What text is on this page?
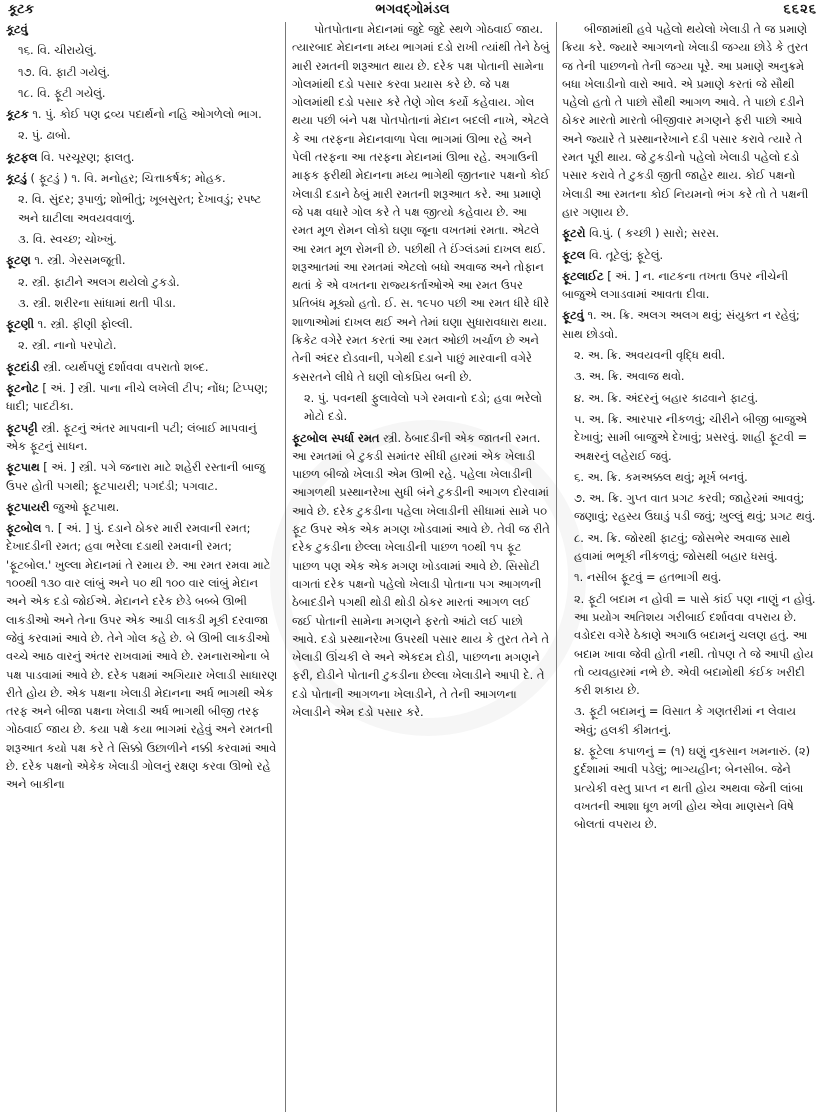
કૂટક	ભગવદ્ગોમંડલ	૬૬૨૬
કૂટવું
૧૬. વિ. ચીરાયેલું.
૧૭. વિ. ફાટી ગયેલું.
૧૮. વિ. ફૂટી ગયેલું.
કૂટક ૧. પું. કોઈ પણ દ્રવ્ય પદાર્થનો નહિ ઓગળેલો ભાગ.
૨. પું. ઢાબો.
કૂટફલ વિ. પરચૂરણ; ફાલતુ.
કૂટડું ( ફૂટડું ) ૧. વિ. મનોહર; ચિત્તાકર્ષક; મોહક.
૨. વિ. સુંદર; રૂપાળું; શોભીતું; ખૂબસુરત; દેખાવડું; રપષ્ટ અને ઘાટીલા અવયવવાળું.
૩. વિ. સ્વચ્છ; ચોખ્ખું.
ફૂટણ ૧. સ્ત્રી. ગેરસમજૂતી.
૨. સ્ત્રી. ફાટીને અલગ થયેલો ટુકડો.
૩. સ્ત્રી. શરીરના સાંધામાં થતી પીડા.
ફૂટણી ૧. સ્ત્રી. ફીણી ફોલ્લી.
૨. સ્ત્રી. નાનો પરપોટો.
ફૂટદાંડી સ્ત્રી. વ્યર્થપણું દર્શાવવા વપરાતો શબ્દ.
ફૂટનોટ [ અં. ] સ્ત્રી. પાના નીચે લખેલી ટીપ; નોંધ; ટિપ્પણ; ધાદી; પાદટીકા.
ફૂટપટ્ટી સ્ત્રી. ફૂટનું અંતર માપવાની પટી; લંબાઈ માપવાનું એક ફૂટનું સાધન.
ફૂટપાથ [ અં. ] સ્ત્રી. પગે જનારા માટે શહેરી રસ્તાની બાજુ ઉપર હોતી પગથી; ફૂટપાયરી; પગદંડી; પગવાટ.
ફૂટપાયરી જુઓ ફૂટપાથ.
ફૂટબોલ ૧. [ અં. ] પું. દડાને ઠોકર મારી રમવાની રમત; દેખાદડીની રમત; હવા ભરેલા દડાથી રમવાની રમત; 'ફૂટબોલ.' ખુલ્લા મેદાનમાં તે રમાય છે. આ રમત રમવા માટે ૧૦૦થી ૧૩૦ વાર લાંબું અને ૫૦ થી ૧૦૦ વાર લાંબું મેદાન અને એક દડો જોઈએ. મેદાનને દરેક છેડે બબ્બે ઊભી લાકડીઓ અને તેના ઉપર એક આડી લાકડી મૂકી દરવાજા જેવું કરવામાં આવે છે. તેને ગોલ કહે છે. બે ઊભી લાકડીઓ વચ્ચે આઠ વારનું અંતર રાખવામાં આવે છે. રમનારાઓના બે પક્ષ પાડવામાં આવે છે. દરેક પક્ષમાં અગિયાર ખેલાડી સાધારણ રીતે હોય છે. એક પક્ષના ખેલાડી મેદાનના અર્ધ ભાગથી એક તરફ અને બીજા પક્ષના ખેલાડી અર્ધ ભાગથી બીજી તરફ ગોઠવાઈ જાય છે. કયા પક્ષે કયા ભાગમાં રહેવું અને રમતની શરૂઆત કયો પક્ષ કરે તે સિક્કો ઉછાળીને નક્કી કરવામાં આવે છે. દરેક પક્ષનો એકેક ખેલાડી ગોલનું રક્ષણ કરવા ઊભો રહે અને બાકીના
પોતપોતાના મેદાનમાં જુદે જુદે સ્થળે ગોઠવાઈ જાય. ત્યારબાદ મેદાનના મધ્ય ભાગમાં દડો રાખી ત્યાંથી તેને ઠેબું મારી રમતની શરૂઆત થાય છે. દરેક પક્ષ પોતાની સામેના ગોલમાંથી દડો પસાર કરવા પ્રયાસ કરે છે. જે પક્ષ ગોલમાંથી દડો પસાર કરે તેણે ગોલ કર્યો કહેવાય. ગોલ થયા પછી બંને પક્ષ પોતપોતાનાં મેદાન બદલી નાખે, એટલે કે આ તરફના મેદાનવાળા પેલા ભાગમાં ઊભા રહે અને પેલી તરફના આ તરફના મેદાનમાં ઊભા રહે. અગાઉની માફક ફરીથી મેદાનના મધ્ય ભાગેથી જીતનાર પક્ષનો કોઈ ખેલાડી દડાને ઠેબું મારી રમતની શરૂઆત કરે. આ પ્રમાણે જે પક્ષ વધારે ગોલ કરે તે પક્ષ જીત્યો કહેવાય છે. આ રમત મૂળ રોમન લોકો ઘણા જૂના વખતમાં રમતા. એટલે આ રમત મૂળ રોમની છે. પછીથી તે ઈંગ્લંડમાં દાખલ થઈ. શરૂઆતમાં આ રમતમાં એટલો બધો અવાજ અને તોફાન થતાં કે એ વખતના રાજ્યકર્તાઓએ આ રમત ઉપર પ્રતિબંધ મૂક્યો હતો. ઈ. સ. ૧૯૫૦ પછી આ રમત ધીરે ધીરે શાળાઓમાં દાખલ થઈ અને તેમાં ઘણા સુધારાવધારા થયા. ક્રિકેટ વગેરે રમત કરતાં આ રમત ઓછી ખર્ચાળ છે અને તેની અંદર દોડવાની, પગેથી દડાને પાછું મારવાની વગેરે કસરતને લીધે તે ઘણી લોકપ્રિય બની છે.
૨. પું. પવનથી ફુલાવેલો પગે રમવાનો દડો; હવા ભરેલો મોટો દડો.
ફૂટબોલ સ્પર્ધા રમત સ્ત્રી. ઠેબાદડીની એક જાતની રમત. આ રમતમાં બે ટુકડી સમાંતર સીધી હારમાં એક ખેલાડી પાછળ બીજો ખેલાડી એમ ઊભી રહે. પહેલા ખેલાડીની આગળથી પ્રસ્થાનરેખા સુધી બંને ટુકડીની આગળ દોરવામાં આવે છે. દરેક ટુકડીના પહેલા ખેલાડીની સીધામાં સામે ૫૦ ફૂટ ઉપર એક એક મગણ ખોડવામાં આવે છે. તેવી જ રીતે દરેક ટુકડીના છેલ્લા ખેલાડીની પાછળ ૧૦થી ૧૫ ફૂટ પાછળ પણ એક એક મગણ ખોડવામાં આવે છે. સિસોટી વાગતાં દરેક પક્ષનો પહેલો ખેલાડી પોતાના પગ આગળની ઠેબાદડીને પગથી થોડી થોડી ઠોકર મારતાં આગળ લઈ જઈ પોતાની સામેના મગણને ફરતો આંટો લઈ પાછો આવે. દડો પ્રસ્થાનરેખા ઉપરથી પસાર થાય કે તુરત તેને તે ખેલાડી ઊંચકી લે અને એકદમ દોડી, પાછળના મગણને ફરી, દોડીને પોતાની ટુકડીના છેલ્લા ખેલાડીને આપી દે. તે દડો પોતાની આગળના ખેલાડીને, તે તેની આગળના ખેલાડીને એમ દડો પસાર કરે.
બીજામાંથી હવે પહેલો થયેલો ખેલાડી તે જ પ્રમાણે ક્રિયા કરે. જ્યારે આગળનો ખેલાડી જગ્યા છોડે કે તુરત જ તેની પાછળનો તેની જગ્યા પૂરે. આ પ્રમાણે અનુક્રમે બધા ખેલાડીનો વારો આવે. એ પ્રમાણે કરતાં જે સૌથી પહેલો હતો તે પાછો સૌથી આગળ આવે. તે પાછો દડીને ઠોકર મારતો મારતો બીજીવાર મગણને ફરી પાછો આવે અને જ્યારે તે પ્રસ્થાનરેખાને દડી પસાર કરાવે ત્યારે તે રમત પૂરી થાય. જે ટુકડીનો પહેલો ખેલાડી પહેલો દડો પસાર કરાવે તે ટુકડી જીતી જાહેર થાય. કોઈ પક્ષનો ખેલાડી આ રમતના કોઈ નિયમનો ભંગ કરે તો તે પક્ષની હાર ગણાય છે.
ફૂટરો વિ.પું. ( કચ્છી ) સારો; સરસ.
ફૂટલ વિ. તૂટેલું; ફૂટેલું.
ફૂટલાઈટ [ અં. ] ન. નાટકના તખતા ઉપર નીચેની બાજુએ લગાડવામાં આવતા દીવા.
ફૂટવું ૧. અ. ક્રિ. અલગ અલગ થવું; સંયુક્ત ન રહેવું; સાથ છોડવો.
૨. અ. ક્રિ. અવયવની વૃદ્ધિ થવી.
૩. અ. ક્રિ. અવાજ થવો.
૪. અ. ક્રિ. અંદરનું બહાર કાઢવાને ફાટવું.
૫. અ. ક્રિ. આરપાર નીકળવું; ચીરીને બીજી બાજુએ દેખાવું; સામી બાજુએ દેખાવું; પ્રસરવું. શાહી ફૂટવી = અક્ષરનું લહેરાઈ જવું.
૬. અ. ક્રિ. કમઅક્કલ થવું; મૂર્ખ બનવું.
૭. અ. ક્રિ. ગુપ્ત વાત પ્રગટ કરવી; જાહેરમાં આવવું; જણાવું; રહસ્ય ઉઘાડું પડી જવું; ખુલ્લું થવું; પ્રગટ થવું.
૮. અ. ક્રિ. જોરથી ફાટવું; જોસભેર અવાજ સાથે હવામાં ભભૂકી નીકળવું; જોસથી બહાર ધસવું.
૧. નસીબ ફૂટવું = હતભાગી થવું.
૨. ફૂટી બદામ ન હોવી = પાસે કાંઈ પણ નાણું ન હોવું. આ પ્રયોગ અતિશય ગરીબાઈ દર્શાવવા વપરાય છે. વડોદરા વગેરે ઠેકાણે અગાઉ બદામનું ચલણ હતું. આ બદામ ખાવા જેવી હોતી નથી. તોપણ તે જે આપી હોય તો વ્યવહારમાં નભે છે. એવી બદામોથી કંઈક ખરીદી કરી શકાય છે.
૩. ફૂટી બદામનું = વિસાત કે ગણતરીમાં ન લેવાય એવું; હલકી કીમતનું.
૪. ફૂટેલા કપાળનું = (૧) ઘણું નુકસાન ખમનારું. (૨) દુર્દશામાં આવી પડેલું; ભાગ્યહીન; બેનસીબ. જેને પ્રત્યેકી વસ્તુ પ્રાપ્ત ન થતી હોય અથવા જેની લાંબા વખતની આશા ધૂળ મળી હોય એવા માણસને વિષે બોલતાં વપરાય છે.
